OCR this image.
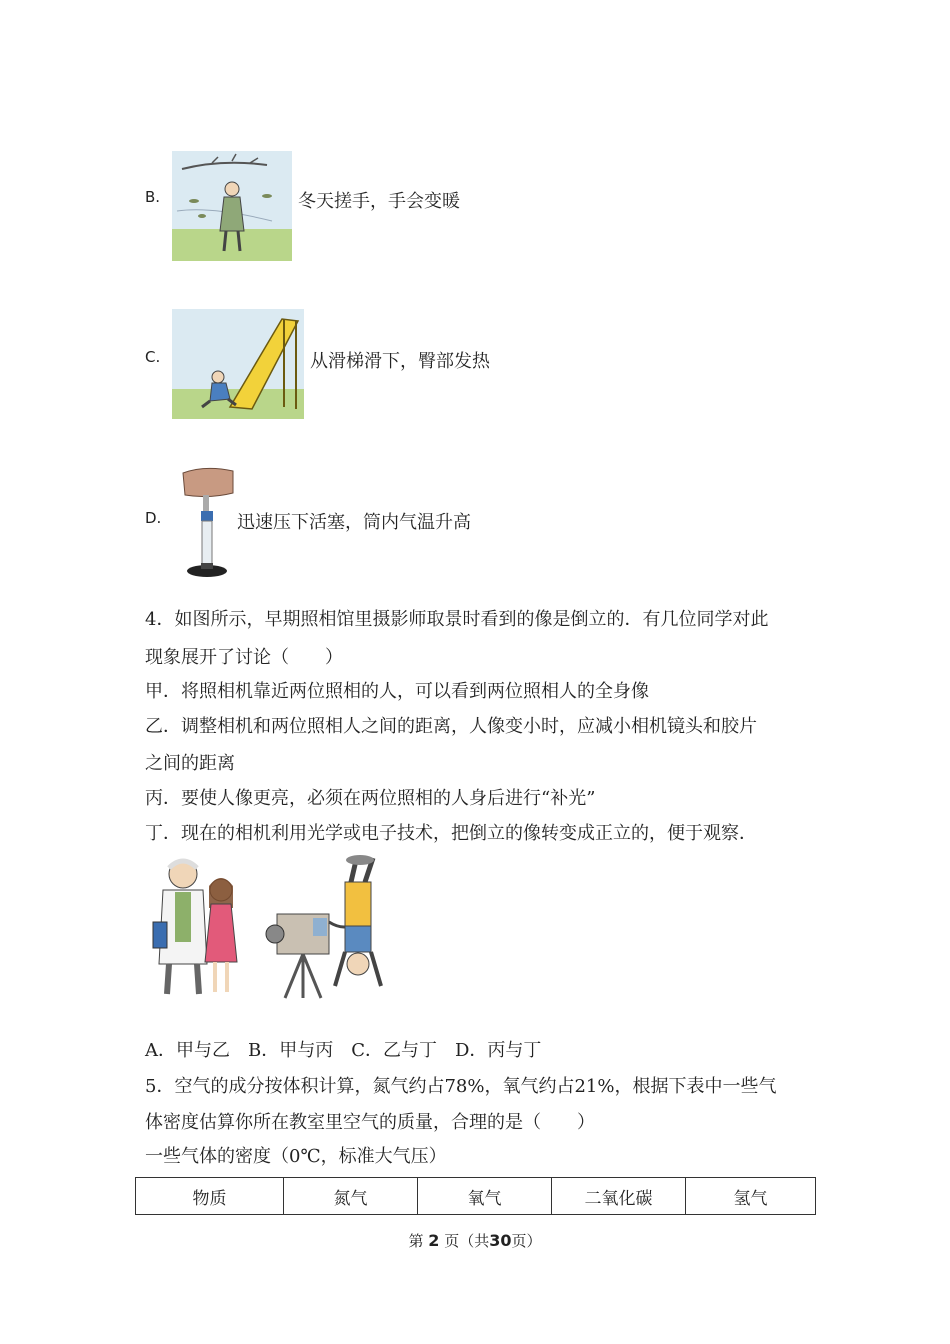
B.	冬天搓手，手会变暖
C.	从滑梯滑下，臀部发热
D.	迅速压下活塞，筒内气温升高
4．如图所示，早期照相馆里摄影师取景时看到的像是倒立的．有几位同学对此
现象展开了讨论（　　）
甲．将照相机靠近两位照相的人，可以看到两位照相人的全身像
乙．调整相机和两位照相人之间的距离，人像变小时，应减小相机镜头和胶片
之间的距离
丙．要使人像更亮，必须在两位照相的人身后进行“补光”
丁．现在的相机利用光学或电子技术，把倒立的像转变成正立的，便于观察．
A．甲与乙　B．甲与丙　C．乙与丁　D．丙与丁
5．空气的成分按体积计算，氮气约占78%，氧气约占21%，根据下表中一些气
体密度估算你所在教室里空气的质量，合理的是（　　）
一些气体的密度（0℃，标准大气压）
物质	氮气	氧气	二氧化碳	氢气
第 2 页（共30页）
